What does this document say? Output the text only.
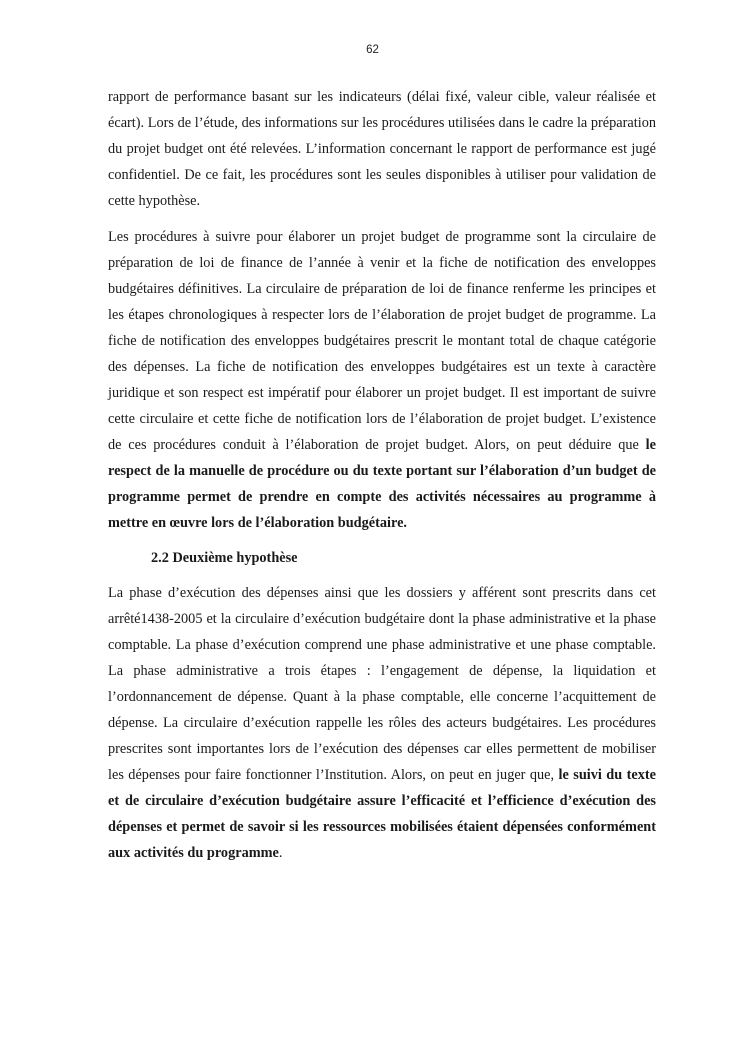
62

rapport de performance basant sur les indicateurs (délai fixé, valeur cible, valeur réalisée et écart). Lors de l’étude, des informations sur les procédures utilisées dans le cadre la préparation du projet budget ont été relevées. L’information concernant le rapport de performance est jugé confidentiel. De ce fait, les procédures sont les seules disponibles à utiliser pour validation de cette hypothèse.

Les procédures à suivre pour élaborer un projet budget de programme sont la circulaire de préparation de loi de finance de l’année à venir et la fiche de notification des enveloppes budgétaires définitives. La circulaire de préparation de loi de finance renferme les principes et les étapes chronologiques à respecter lors de l’élaboration de projet budget de programme. La fiche de notification des enveloppes budgétaires prescrit le montant total de chaque catégorie des dépenses. La fiche de notification des enveloppes budgétaires est un texte à caractère juridique et son respect est impératif pour élaborer un projet budget. Il est important de suivre cette circulaire et cette fiche de notification lors de l’élaboration de projet budget. L’existence de ces procédures conduit à l’élaboration de projet budget. Alors, on peut déduire que le respect de la manuelle de procédure ou du texte portant sur l’élaboration d’un budget de programme permet de prendre en compte des activités nécessaires au programme à mettre en œuvre lors de l’élaboration budgétaire.

2.2 Deuxième hypothèse

La phase d’exécution des dépenses ainsi que les dossiers y afférent sont prescrits dans cet arrêté1438-2005 et la circulaire d’exécution budgétaire dont la phase administrative et la phase comptable. La phase d’exécution comprend une phase administrative et une phase comptable. La phase administrative a trois étapes : l’engagement de dépense, la liquidation et l’ordonnancement de dépense. Quant à la phase comptable, elle concerne l’acquittement de dépense. La circulaire d’exécution rappelle les rôles des acteurs budgétaires. Les procédures prescrites sont importantes lors de l’exécution des dépenses car elles permettent de mobiliser les dépenses pour faire fonctionner l’Institution. Alors, on peut en juger que, le suivi du texte et de circulaire d’exécution budgétaire assure l’efficacité et l’efficience d’exécution des dépenses et permet de savoir si les ressources mobilisées étaient dépensées conformément aux activités du programme.
